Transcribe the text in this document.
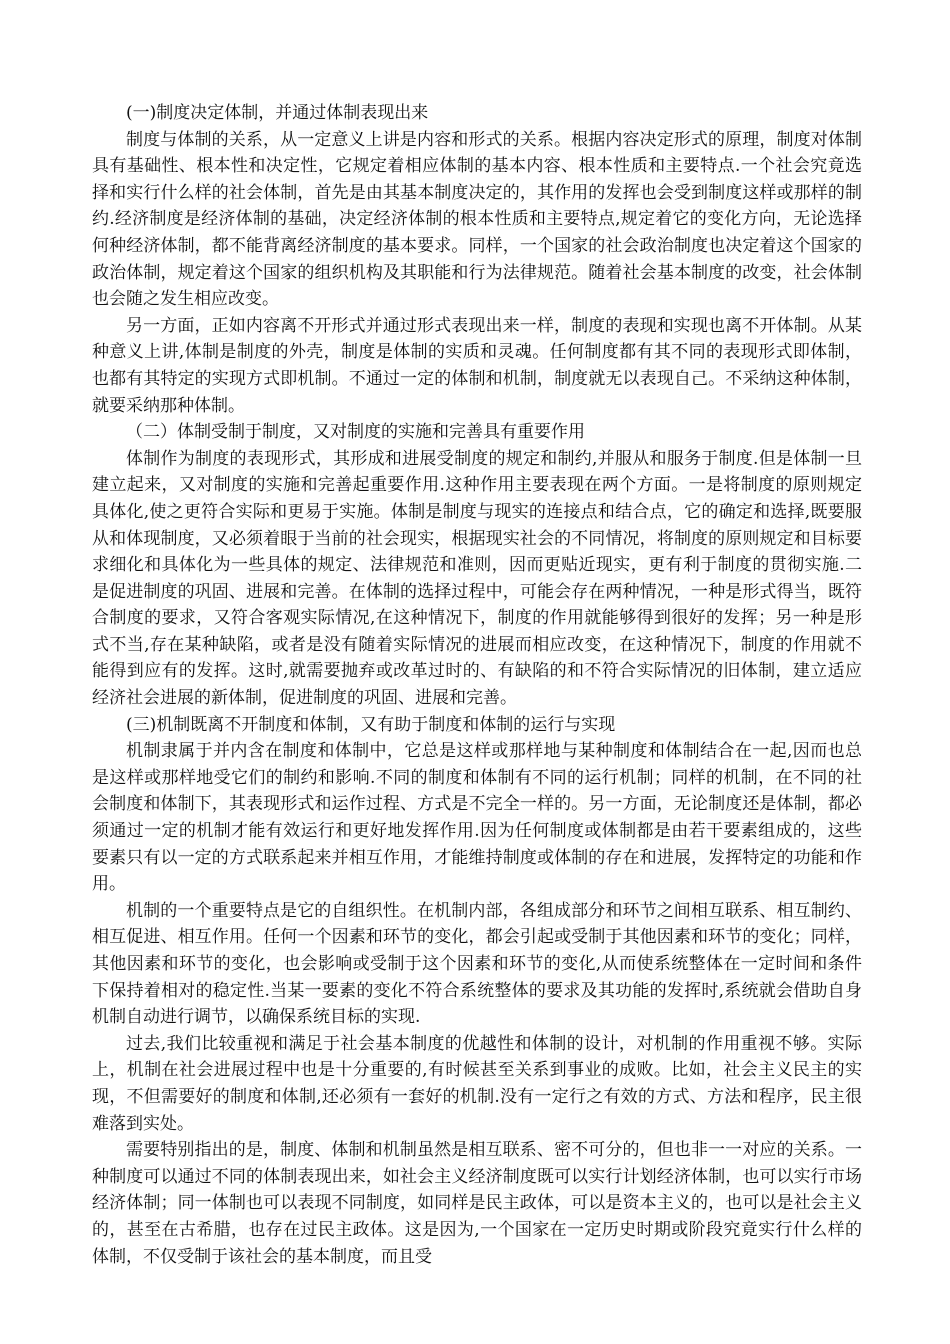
(一)制度决定体制，并通过体制表现出来

制度与体制的关系，从一定意义上讲是内容和形式的关系。根据内容决定形式的原理，制度对体制具有基础性、根本性和决定性，它规定着相应体制的基本内容、根本性质和主要特点.一个社会究竟选择和实行什么样的社会体制，首先是由其基本制度决定的，其作用的发挥也会受到制度这样或那样的制约.经济制度是经济体制的基础，决定经济体制的根本性质和主要特点,规定着它的变化方向，无论选择何种经济体制，都不能背离经济制度的基本要求。同样，一个国家的社会政治制度也决定着这个国家的政治体制，规定着这个国家的组织机构及其职能和行为法律规范。随着社会基本制度的改变，社会体制也会随之发生相应改变。

另一方面，正如内容离不开形式并通过形式表现出来一样，制度的表现和实现也离不开体制。从某种意义上讲,体制是制度的外壳，制度是体制的实质和灵魂。任何制度都有其不同的表现形式即体制，也都有其特定的实现方式即机制。不通过一定的体制和机制，制度就无以表现自己。不采纳这种体制，就要采纳那种体制。

（二）体制受制于制度，又对制度的实施和完善具有重要作用

体制作为制度的表现形式，其形成和进展受制度的规定和制约,并服从和服务于制度.但是体制一旦建立起来，又对制度的实施和完善起重要作用.这种作用主要表现在两个方面。一是将制度的原则规定具体化,使之更符合实际和更易于实施。体制是制度与现实的连接点和结合点，它的确定和选择,既要服从和体现制度，又必须着眼于当前的社会现实，根据现实社会的不同情况，将制度的原则规定和目标要求细化和具体化为一些具体的规定、法律规范和准则，因而更贴近现实，更有利于制度的贯彻实施.二是促进制度的巩固、进展和完善。在体制的选择过程中，可能会存在两种情况，一种是形式得当，既符合制度的要求，又符合客观实际情况,在这种情况下，制度的作用就能够得到很好的发挥；另一种是形式不当,存在某种缺陷，或者是没有随着实际情况的进展而相应改变，在这种情况下，制度的作用就不能得到应有的发挥。这时,就需要抛弃或改革过时的、有缺陷的和不符合实际情况的旧体制，建立适应经济社会进展的新体制，促进制度的巩固、进展和完善。

(三)机制既离不开制度和体制，又有助于制度和体制的运行与实现

机制隶属于并内含在制度和体制中，它总是这样或那样地与某种制度和体制结合在一起,因而也总是这样或那样地受它们的制约和影响.不同的制度和体制有不同的运行机制；同样的机制，在不同的社会制度和体制下，其表现形式和运作过程、方式是不完全一样的。另一方面，无论制度还是体制，都必须通过一定的机制才能有效运行和更好地发挥作用.因为任何制度或体制都是由若干要素组成的，这些要素只有以一定的方式联系起来并相互作用，才能维持制度或体制的存在和进展，发挥特定的功能和作用。

机制的一个重要特点是它的自组织性。在机制内部，各组成部分和环节之间相互联系、相互制约、相互促进、相互作用。任何一个因素和环节的变化，都会引起或受制于其他因素和环节的变化；同样，其他因素和环节的变化，也会影响或受制于这个因素和环节的变化,从而使系统整体在一定时间和条件下保持着相对的稳定性.当某一要素的变化不符合系统整体的要求及其功能的发挥时,系统就会借助自身机制自动进行调节，以确保系统目标的实现.

过去,我们比较重视和满足于社会基本制度的优越性和体制的设计，对机制的作用重视不够。实际上，机制在社会进展过程中也是十分重要的,有时候甚至关系到事业的成败。比如，社会主义民主的实现，不但需要好的制度和体制,还必须有一套好的机制.没有一定行之有效的方式、方法和程序，民主很难落到实处。

需要特别指出的是，制度、体制和机制虽然是相互联系、密不可分的，但也非一一对应的关系。一种制度可以通过不同的体制表现出来，如社会主义经济制度既可以实行计划经济体制，也可以实行市场经济体制；同一体制也可以表现不同制度，如同样是民主政体，可以是资本主义的，也可以是社会主义的，甚至在古希腊，也存在过民主政体。这是因为,一个国家在一定历史时期或阶段究竟实行什么样的体制，不仅受制于该社会的基本制度，而且受
